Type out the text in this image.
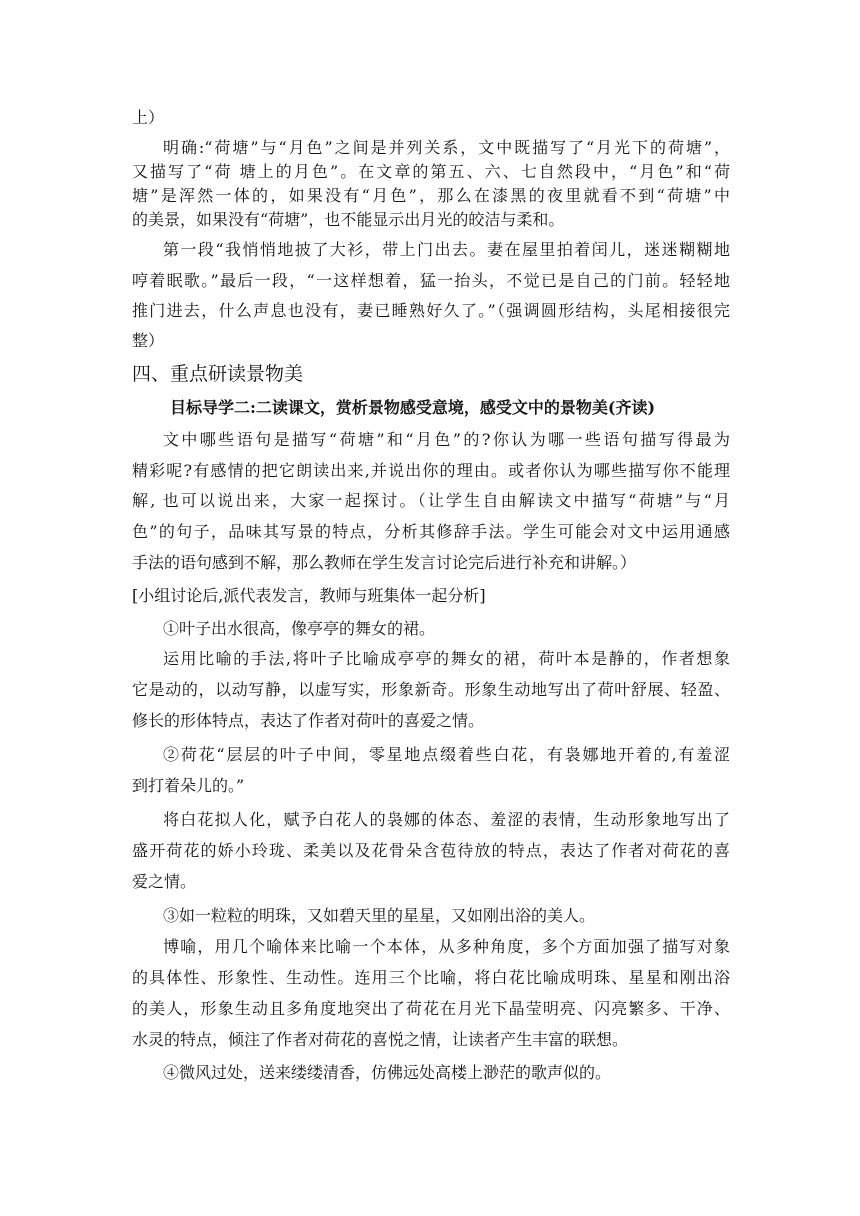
上）
明确:“荷塘”与“月色”之间是并列关系，文中既描写了“月光下的荷塘”，
又描写了“荷 塘上的月色”。在文章的第五、六、七自然段中，“月色”和“荷
塘”是浑然一体的，如果没有“月色”，那么在漆黑的夜里就看不到“荷塘”中
的美景，如果没有“荷塘”，也不能显示出月光的皎洁与柔和。
第一段“我悄悄地披了大衫，带上门出去。妻在屋里拍着闰儿，迷迷糊糊地
哼着眠歌。”最后一段，“一这样想着，猛一抬头，不觉已是自己的门前。轻轻地
推门进去，什么声息也没有，妻已睡熟好久了。”（强调圆形结构，头尾相接很完
整）
四、重点研读景物美
目标导学二:二读课文，赏析景物感受意境，感受文中的景物美(齐读)
文中哪些语句是描写“荷塘”和“月色”的?你认为哪一些语句描写得最为
精彩呢?有感情的把它朗读出来,并说出你的理由。或者你认为哪些描写你不能理
解, 也可以说出来，大家一起探讨。（让学生自由解读文中描写“荷塘”与“月
色”的句子，品味其写景的特点，分析其修辞手法。学生可能会对文中运用通感
手法的语句感到不解，那么教师在学生发言讨论完后进行补充和讲解。）
[小组讨论后,派代表发言，教师与班集体一起分析]
①叶子出水很高，像亭亭的舞女的裙。
运用比喻的手法,将叶子比喻成亭亭的舞女的裙，荷叶本是静的，作者想象
它是动的，以动写静，以虚写实，形象新奇。形象生动地写出了荷叶舒展、轻盈、
修长的形体特点，表达了作者对荷叶的喜爱之情。
②荷花“层层的叶子中间，零星地点缀着些白花，有袅娜地开着的,有羞涩
到打着朵儿的。”
将白花拟人化，赋予白花人的袅娜的体态、羞涩的表情，生动形象地写出了
盛开荷花的娇小玲珑、柔美以及花骨朵含苞待放的特点，表达了作者对荷花的喜
爱之情。
③如一粒粒的明珠，又如碧天里的星星，又如刚出浴的美人。
博喻，用几个喻体来比喻一个本体，从多种角度，多个方面加强了描写对象
的具体性、形象性、生动性。连用三个比喻，将白花比喻成明珠、星星和刚出浴
的美人，形象生动且多角度地突出了荷花在月光下晶莹明亮、闪亮繁多、干净、
水灵的特点，倾注了作者对荷花的喜悦之情，让读者产生丰富的联想。
④微风过处，送来缕缕清香，仿佛远处高楼上渺茫的歌声似的。
